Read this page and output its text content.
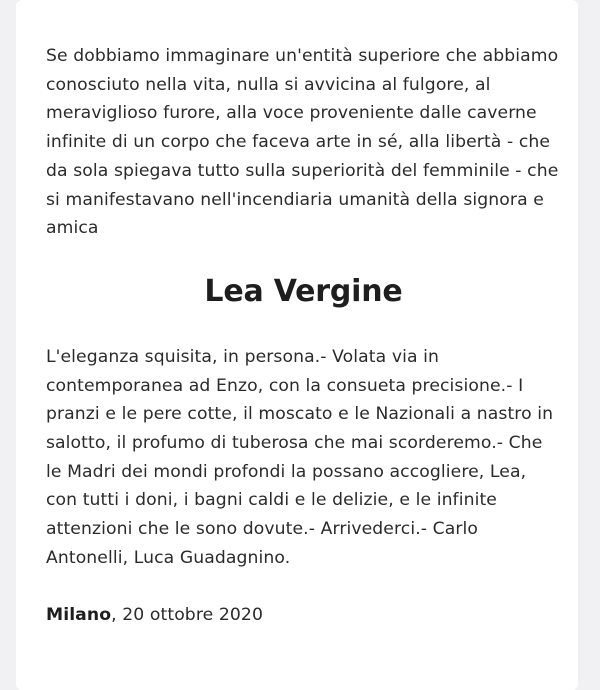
Se dobbiamo immaginare un'entità superiore che abbiamo conosciuto nella vita, nulla si avvicina al fulgore, al meraviglioso furore, alla voce proveniente dalle caverne infinite di un corpo che faceva arte in sé, alla libertà - che da sola spiegava tutto sulla superiorità del femminile - che si manifestavano nell'incendiaria umanità della signora e amica

Lea Vergine

L'eleganza squisita, in persona.- Volata via in contemporanea ad Enzo, con la consueta precisione.- I pranzi e le pere cotte, il moscato e le Nazionali a nastro in salotto, il profumo di tuberosa che mai scorderemo.- Che le Madri dei mondi profondi la possano accogliere, Lea, con tutti i doni, i bagni caldi e le delizie, e le infinite attenzioni che le sono dovute.- Arrivederci.- Carlo Antonelli, Luca Guadagnino.

Milano, 20 ottobre 2020
